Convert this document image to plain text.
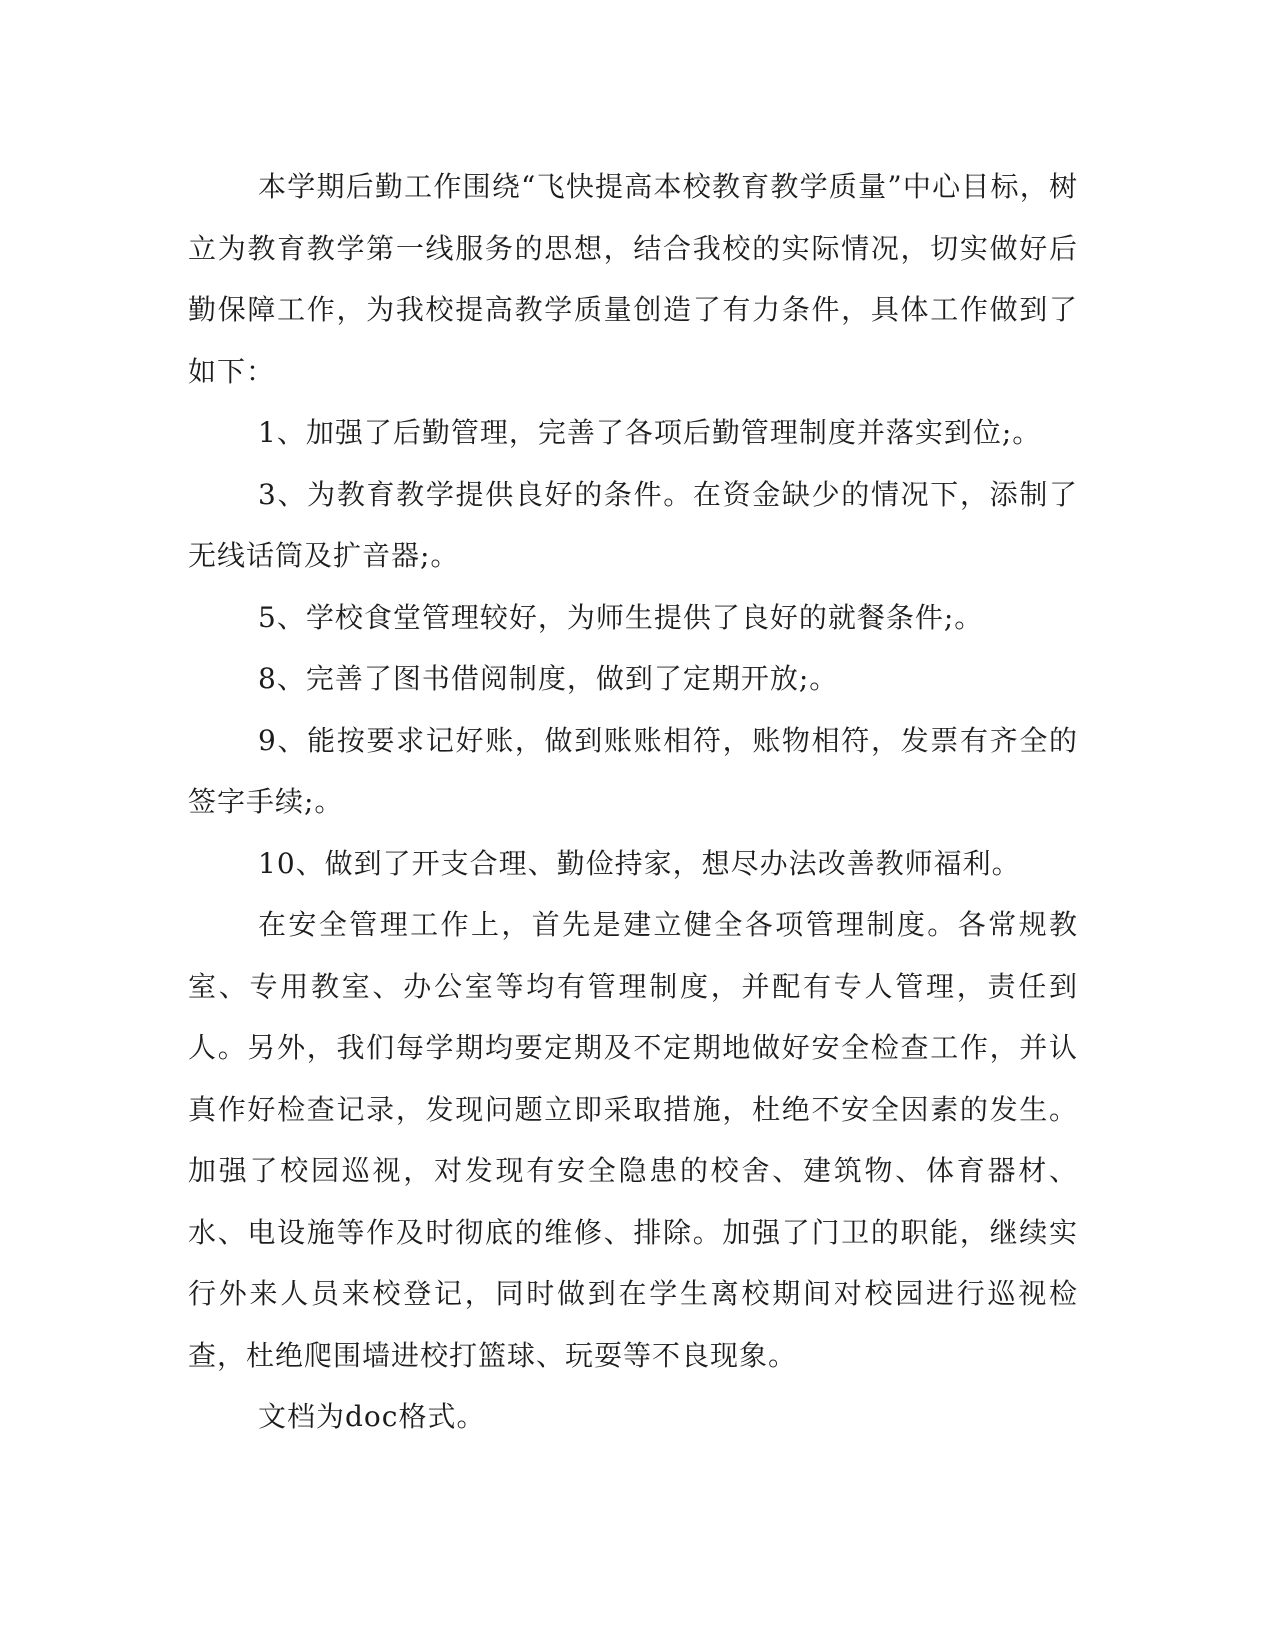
本学期后勤工作围绕“飞快提高本校教育教学质量”中心目标，树立为教育教学第一线服务的思想，结合我校的实际情况，切实做好后勤保障工作，为我校提高教学质量创造了有力条件，具体工作做到了如下：

1、加强了后勤管理，完善了各项后勤管理制度并落实到位;。

3、为教育教学提供良好的条件。在资金缺少的情况下，添制了无线话筒及扩音器;。

5、学校食堂管理较好，为师生提供了良好的就餐条件;。

8、完善了图书借阅制度，做到了定期开放;。

9、能按要求记好账，做到账账相符，账物相符，发票有齐全的签字手续;。

10、做到了开支合理、勤俭持家，想尽办法改善教师福利。

在安全管理工作上，首先是建立健全各项管理制度。各常规教室、专用教室、办公室等均有管理制度，并配有专人管理，责任到人。另外，我们每学期均要定期及不定期地做好安全检查工作，并认真作好检查记录，发现问题立即采取措施，杜绝不安全因素的发生。加强了校园巡视，对发现有安全隐患的校舍、建筑物、体育器材、水、电设施等作及时彻底的维修、排除。加强了门卫的职能，继续实行外来人员来校登记，同时做到在学生离校期间对校园进行巡视检查，杜绝爬围墙进校打篮球、玩耍等不良现象。

文档为doc格式。
